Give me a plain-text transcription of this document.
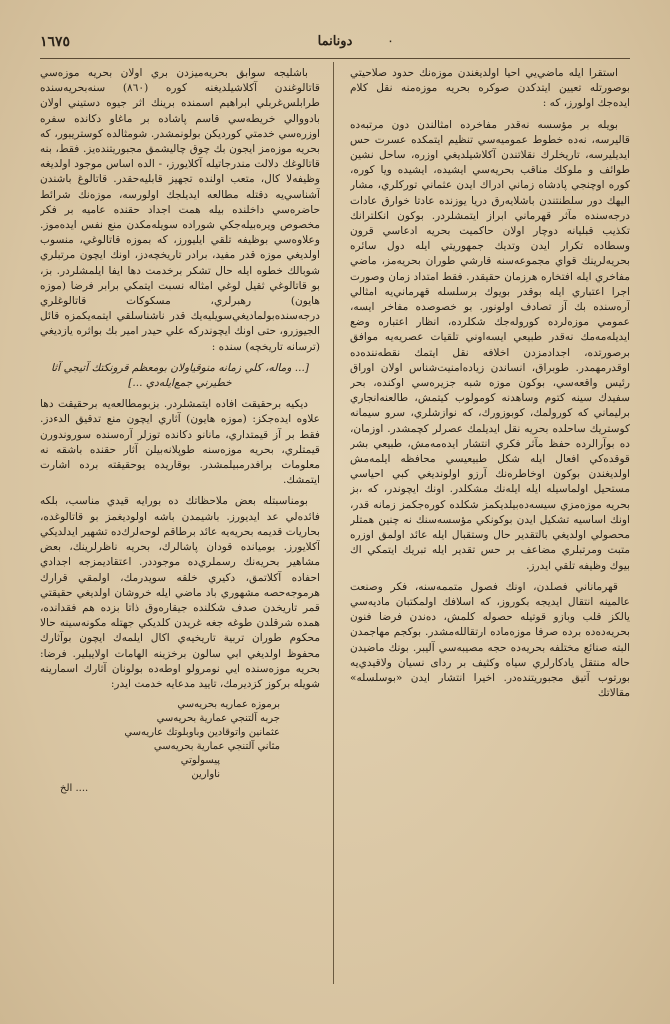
١٦٧٥	دونانما	٠

استقرا ايله ماضي‌يي احيا اولديغندن موزه‌نك حدود صلاحيتي بوصورتله تعيين ايتدكدن صوكره بحريه موزه‌منه نقل كلام ايده‌جك اولورز، كه :

بويله بر مؤسسه نه‌قدر مفاخرده امثالندن دون مرتبه‌ده قاليرسه، نه‌ده خطوط عموميه‌سي تنظيم ايتمكده عسرت حس ايديليرسه، تاريخلرك نقلاتندن آكلاشيلديغي اوزره، ساحل نشين طوائف و ملوكك مناقب بحريه‌سي ايشيده، ايشيده ويا كوره، كوره اوچنجي پادشاه زماني ادراك ايدن عثماني توركلري، مشار اليهك دور سلطنتندن باشلايه‌رق دريا يوزنده عادتا خوارق عادات درجه‌سنده مآثر قهرماني ابراز ايتمشلردر. بوكون انكلترانك تكذيب قبليانه دوچار اولان حاكميت بحريه ادعاسي قرون وسطاده تكرار ايدن وتديك جمهوريتي ايله دول سائره بحريه‌لرينك قواي مجموعه‌سنه قارشي طوران بحريه‌مز، ماضي مفاخري ايله افتخاره هرزمان حقيقدر. فقط امتداد زمان وصورت اجرا اعتباري ايله بوقدر بويوك برسلسله قهرماني‌يه امثالي آره‌سنده بك آز تصادف اولونور. بو خصوصده مفاخر ايسه، عمومي موزه‌لرده كوروله‌جك شكلرده، انظار اعتباره وضع ايديله‌مه‌مك نه‌قدر طبيعي ايسه‌اوني تلقيات عصريه‌يه موافق برصورتده، اجدادمزدن اخلافه نقل ايتمك نقطه‌ننده‌ده اوقدرمهمدر. طوبراق، انساندن زياده‌امنيت‌شناس اولان اوراق رئيس واقعه‌سي، بوكون موزه شبه جزيره‌سي اوكنده، بحر سفيدك سينه كتوم وساهدنه كومولوب كيتمش، طالعنه‌انجاري برليماني كه كورولمك، كوبوزورك، كه نوازشلري، سرو سيمانه كوستريك ساحلده بحريه نقل ايديلمك عصرلر كچمشدر. اوزمان، ده بوآرالرده حفظ مآثر فكري انتشار ايده‌مه‌مش، طبيعي بشر قوقده‌كي افعال ايله شكل طبيعيسي محافظه ايلمه‌مش اولديغندن بوكون اوخاطره‌نك آرزو اولونديغي كبي احياسي مستحيل اولماسيله ايله ايله‌نك مشكلدر. اونك ايچوندر، كه‌ ،بز بحريه موزه‌مزي سيسه‌ده‌بيلديكمز شكلده كوره‌جكمز زمانه قدر، اونك اساسيه تشكيل ايدن بوكونكي مؤسسه‌سنك نه چنين همتلر محصولي اولديغي بالتقدير حال وستقبال ايله عائد اولمق اوزره متبت ومرتبلري مضاعف بر حس تقدير ايله تبريك ايتمكي اك بيوك وظيفه تلقي ايدرز.

قهرماناني فصلدن، اونك فصول متممه‌سنه، فكر وصنعت عالمينه انتقال ايديجه بكوروز، كه اسلافك اولمكتبان ماديه‌سي يالكز قلب وبازو قوتيله حصوله كلمش، ده‌ندن فرضا فنون بحريه‌ده‌ده برده صرفا موزه‌ماده ارتقالله‌مشدر. بوكجم مهاجمدن البته‌ صنائع مختلفه بحريه‌ده حجه مصيبه‌سي آليبر. بونك ماضيدن حاله منتقل يادكارلري سياه وكثيف بر رداى نسيان ولاقيدي‌يه بورتوب آتيق مجبوريتنده‌در. اخيرا انتشار ايدن «بوسلسله» مقالاتك

باشليجه سوابق بحريه‌ميزدن بري اولان بحريه موزه‌سي قاتالوغندن آكلاشيلديغنه كوره (٨٦٠) سنه‌بحريه‌سنده طرابلس‌غربلي ابراهيم اسمنده برينك اثر جيوه دستيني اولان بادووالي خريطه‌سي قاسم پاشاده بر ماغاو دكانده سفره اوزره‌سي خدمتي كورديكن بولونمشدر. شومثالده كوستريبور، كه بحريه موزه‌مز ايجون بك چوق چاليشمق مجبوريتنده‌يز. فقط، بنه قاتالوغك دلالت مندرجاتيله آكلايورز، - الده اساس موجود اولديغه وظيفه‌لا كال، متعب اولنده تجهيز قابليه‌حقدر. قاتالوغ باشندن آشناسي‌يه دقتله مطالعه ايديلجك اولورسه، موزه‌نك شرائط حاضره‌سي داخلنده بيله همت اجداد حقنده عاميه بر فكر مخصوص ويره‌بيله‌جكي شوراده سويله‌مكدن منع نفس ايده‌موز. وعلاوه‌سي بوظيفه تلقي ايليورز، كه بموزه قاتالوغي، منسوب اولديغي موزه قدر مفيد، برادر تاريخچه‌دز، اونك ايچون مرتبلري شوبالك خطوه ايله حال تشكر برخدمت دها ايفا ايلمشلردر. بز، بو قاتالوغي ثقيل لوغي امثاله نسبت ايتمكي برابر فرضا (موزه هايون) رهبرلري، مسكوكات قاتالوغلري درجه‌سنده‌بولماديغي‌سويليه‌يك قدر ناشناسلقي ايتمه‌يكمزه قائل الجيوزرو، حتى اونك ايچوندركه علي حيدر امير بك بواثره يازديغي (ترسانه تاريخچه) سنده :

[... وماله، كلي زمانه منوقياولان بومعظم قرونكتك آتيجي آثا خطيرني جمع‌ايله‌دي ...]

ديكيه برحقيقت افاده ايتمشلردر. بزبومطالعه‌يه برحقيقت دها علاوه ايده‌جكز: (موزه هايون) آثاري ايچون منع تدقيق الدءدز. فقط بر آز قيمتداري، مانانو دكانده توزلر آره‌سنده سوروندورن قيمتلري، بحريه موزه‌سنه طوپلانه‌بيلن آثار حقنده باشقه نه معلومات برافدرمبيلمشدر. بوقاريده يوحقيقته برده اشارت ايتمشك.

بومناسبتله بعض ملاحظاتك ده بورايه قيدي مناسب، بلكه فائده‌لي عد ايديورز. باشيمدن باشه اولوديغمز بو قاتالوغده، بحاريات قديمه بحريه‌يه عائد برطاقم لوحه‌لرك‌ده تشهير ايدلديكي آكلايورز. بوميانده قودان پاشالرك، بحريه ناظرلرينك، بعض مشاهير بحريه‌نك رسملري‌ده موجوددر. اعتقاديمزجه اجدادي احفاده آكلاتمق، دكيري خلقه سويدرمك، اولمقي قرارك هرموجه‌حصه مشهوري باد ماضي ايله خروشان اولديغي حقيقتي قمر تاريخدن صدف شكلنده جيقاره‌وق ذاتا بزده‌ هم فقدانده، همده‌ شرقلدن طوغه جغه غريدن كلديكي جهتله مكونه‌سينه حالا محكوم طوران تربية تاريخيه‌ي اكال ايلمه‌ك ايچون بوآثارك محفوظ اولديغي ابي سالون برخزينه الهامات اولايبلير. فرضا: بحريه موزه‌سنده ايي نومرولو اوطه‌ده بولونان آثارك اسمارينه شويله بركوز كزديرمك، تاييد مدعايه خدمت ايدر:

برموزه عماريه بحريه‌سي
جربه آلتنجي عمارية بحريه‌سي
عثمانين واتوقادين وباوبلوتك عاريه‌سي
مثاني آلتنجي عمارية بحريه‌سي
پيسولوتي
ناوارين
الخ ....
